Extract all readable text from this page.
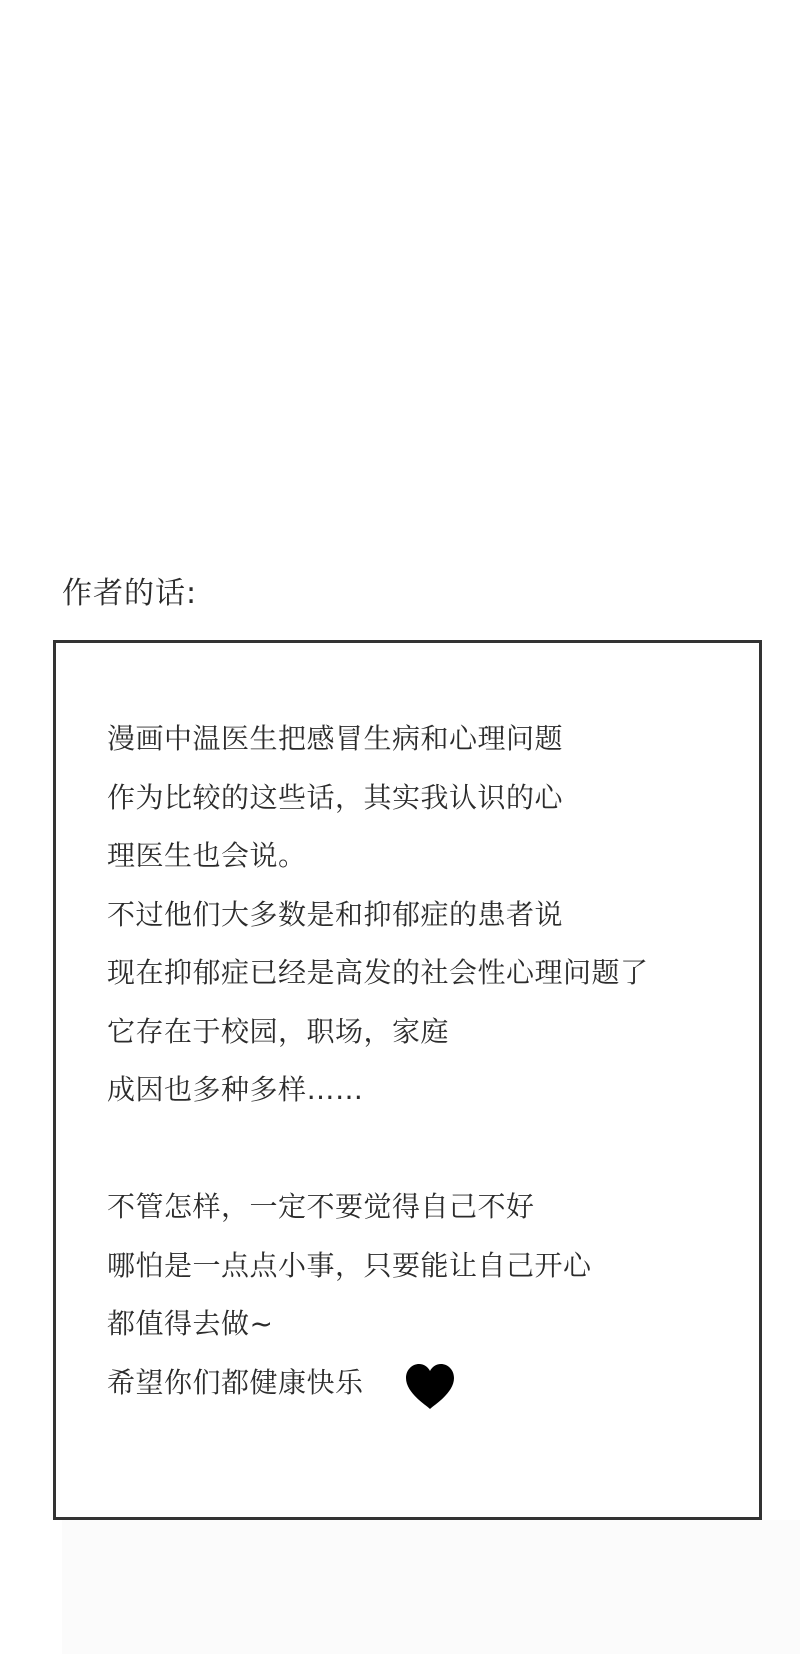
作者的话:
漫画中温医生把感冒生病和心理问题
作为比较的这些话，其实我认识的心
理医生也会说。
不过他们大多数是和抑郁症的患者说
现在抑郁症已经是高发的社会性心理问题了
它存在于校园，职场，家庭
成因也多种多样……
不管怎样，一定不要觉得自己不好
哪怕是一点点小事，只要能让自己开心
都值得去做~
希望你们都健康快乐
